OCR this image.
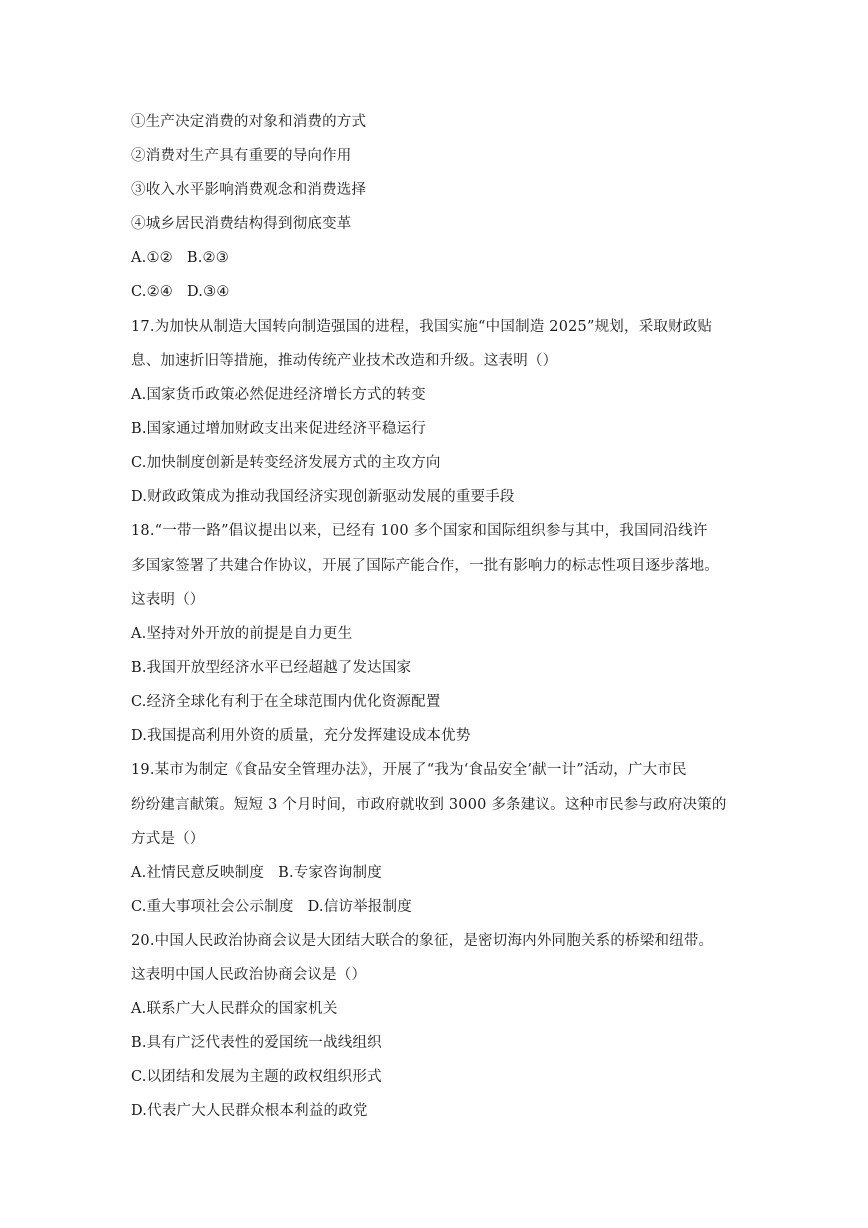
①生产决定消费的对象和消费的方式
②消费对生产具有重要的导向作用
③收入水平影响消费观念和消费选择
④城乡居民消费结构得到彻底变革
A.①② B.②③
C.②④ D.③④
17.为加快从制造大国转向制造强国的进程，我国实施“中国制造 2025”规划，采取财政贴
息、加速折旧等措施，推动传统产业技术改造和升级。这表明（）
A.国家货币政策必然促进经济增长方式的转变
B.国家通过增加财政支出来促进经济平稳运行
C.加快制度创新是转变经济发展方式的主攻方向
D.财政政策成为推动我国经济实现创新驱动发展的重要手段
18.“一带一路”倡议提出以来，已经有 100 多个国家和国际组织参与其中，我国同沿线许
多国家签署了共建合作协议，开展了国际产能合作，一批有影响力的标志性项目逐步落地。
这表明（）
A.坚持对外开放的前提是自力更生
B.我国开放型经济水平已经超越了发达国家
C.经济全球化有利于在全球范围内优化资源配置
D.我国提高利用外资的质量，充分发挥建设成本优势
19.某市为制定《食品安全管理办法》，开展了“我为‘食品安全’献一计”活动，广大市民
纷纷建言献策。短短 3 个月时间，市政府就收到 3000 多条建议。这种市民参与政府决策的
方式是（）
A.社情民意反映制度 B.专家咨询制度
C.重大事项社会公示制度 D.信访举报制度
20.中国人民政治协商会议是大团结大联合的象征，是密切海内外同胞关系的桥梁和纽带。
这表明中国人民政治协商会议是（）
A.联系广大人民群众的国家机关
B.具有广泛代表性的爱国统一战线组织
C.以团结和发展为主题的政权组织形式
D.代表广大人民群众根本利益的政党
